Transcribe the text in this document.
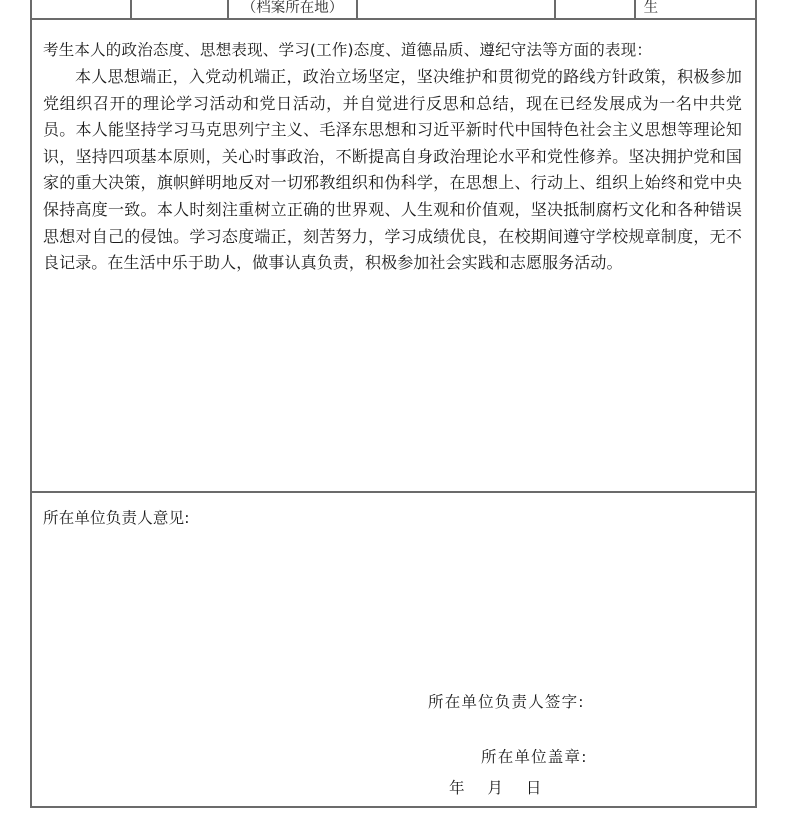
（档案所在地）	生

考生本人的政治态度、思想表现、学习(工作)态度、道德品质、遵纪守法等方面的表现：

本人思想端正，入党动机端正，政治立场坚定，坚决维护和贯彻党的路线方针政策，积极参加党组织召开的理论学习活动和党日活动，并自觉进行反思和总结，现在已经发展成为一名中共党员。本人能坚持学习马克思列宁主义、毛泽东思想和习近平新时代中国特色社会主义思想等理论知识，坚持四项基本原则，关心时事政治，不断提高自身政治理论水平和党性修养。坚决拥护党和国家的重大决策，旗帜鲜明地反对一切邪教组织和伪科学，在思想上、行动上、组织上始终和党中央保持高度一致。本人时刻注重树立正确的世界观、人生观和价值观，坚决抵制腐朽文化和各种错误思想对自己的侵蚀。学习态度端正，刻苦努力，学习成绩优良，在校期间遵守学校规章制度，无不良记录。在生活中乐于助人，做事认真负责，积极参加社会实践和志愿服务活动。

所在单位负责人意见:

所在单位负责人签字:
所在单位盖章:
年 月 日
